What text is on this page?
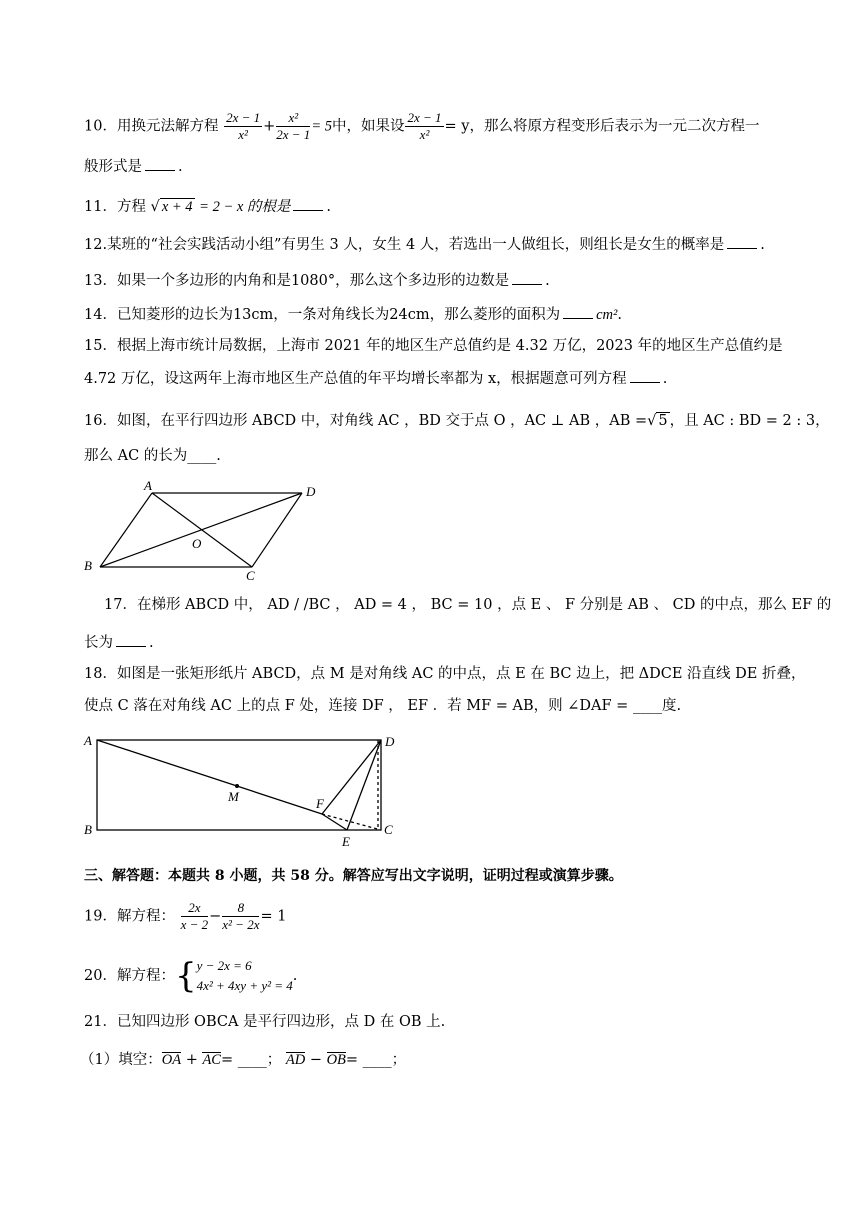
10．用换元法解方程 $\frac{2x - 1}{\text{x²}} + \frac{\text{x²}}{2x - 1} = 5$中，如果设 $\frac{2x - 1}{\text{x²}} = y$，那么将原方程变形后表示为一元二次方程一
般形式是 .
11．方程 √ x + 4 = 2 − x 的根是 .
12.某班的“社会实践活动小组”有男生 3 人，女生 4 人，若选出一人做组长，则组长是女生的概率是 .
13．如果一个多边形的内角和是1080°，那么这个多边形的边数是 .
14．已知菱形的边长为13cm，一条对角线长为24cm，那么菱形的面积为 cm².
15．根据上海市统计局数据，上海市 2021 年的地区生产总值约是 4.32 万亿，2023 年的地区生产总值约是
4.72 万亿，设这两年上海市地区生产总值的年平均增长率都为 x，根据题意可列方程 .
16．如图，在平行四边形 ABCD 中，对角线 AC ，BD 交于点 O ，AC ⊥ AB ，AB =√ 5 ，且 AC : BD = 2 : 3，
那么 AC 的长为____.
A	D
O
B
C
17．在梯形 ABCD 中， AD / /BC ， AD = 4 ， BC = 10 ，点 E 、 F 分别是 AB 、 CD 的中点，那么 EF 的
长为 .
18．如图是一张矩形纸片 ABCD，点 M 是对角线 AC 的中点，点 E 在 BC 边上，把 ΔDCE 沿直线 DE 折叠，
使点 C 落在对角线 AC 上的点 F 处，连接 DF ， EF ．若 MF = AB，则 ∠DAF = ____度.
A	D
M	F
B	C
E
三、解答题：本题共 8 小题，共 58 分。解答应写出文字说明，证明过程或演算步骤。
19．解方程： $\frac{2x}{x - 2} - \frac{8}{\text{x² − 2x}} = 1$
20．解方程：{ y − 2x = 6
4x² + 4xy + y² = 4
.
21．已知四边形 OBCA 是平行四边形，点 D 在 OB 上.
（1）填空：OA + AC= ____； AD − OB= ____；
